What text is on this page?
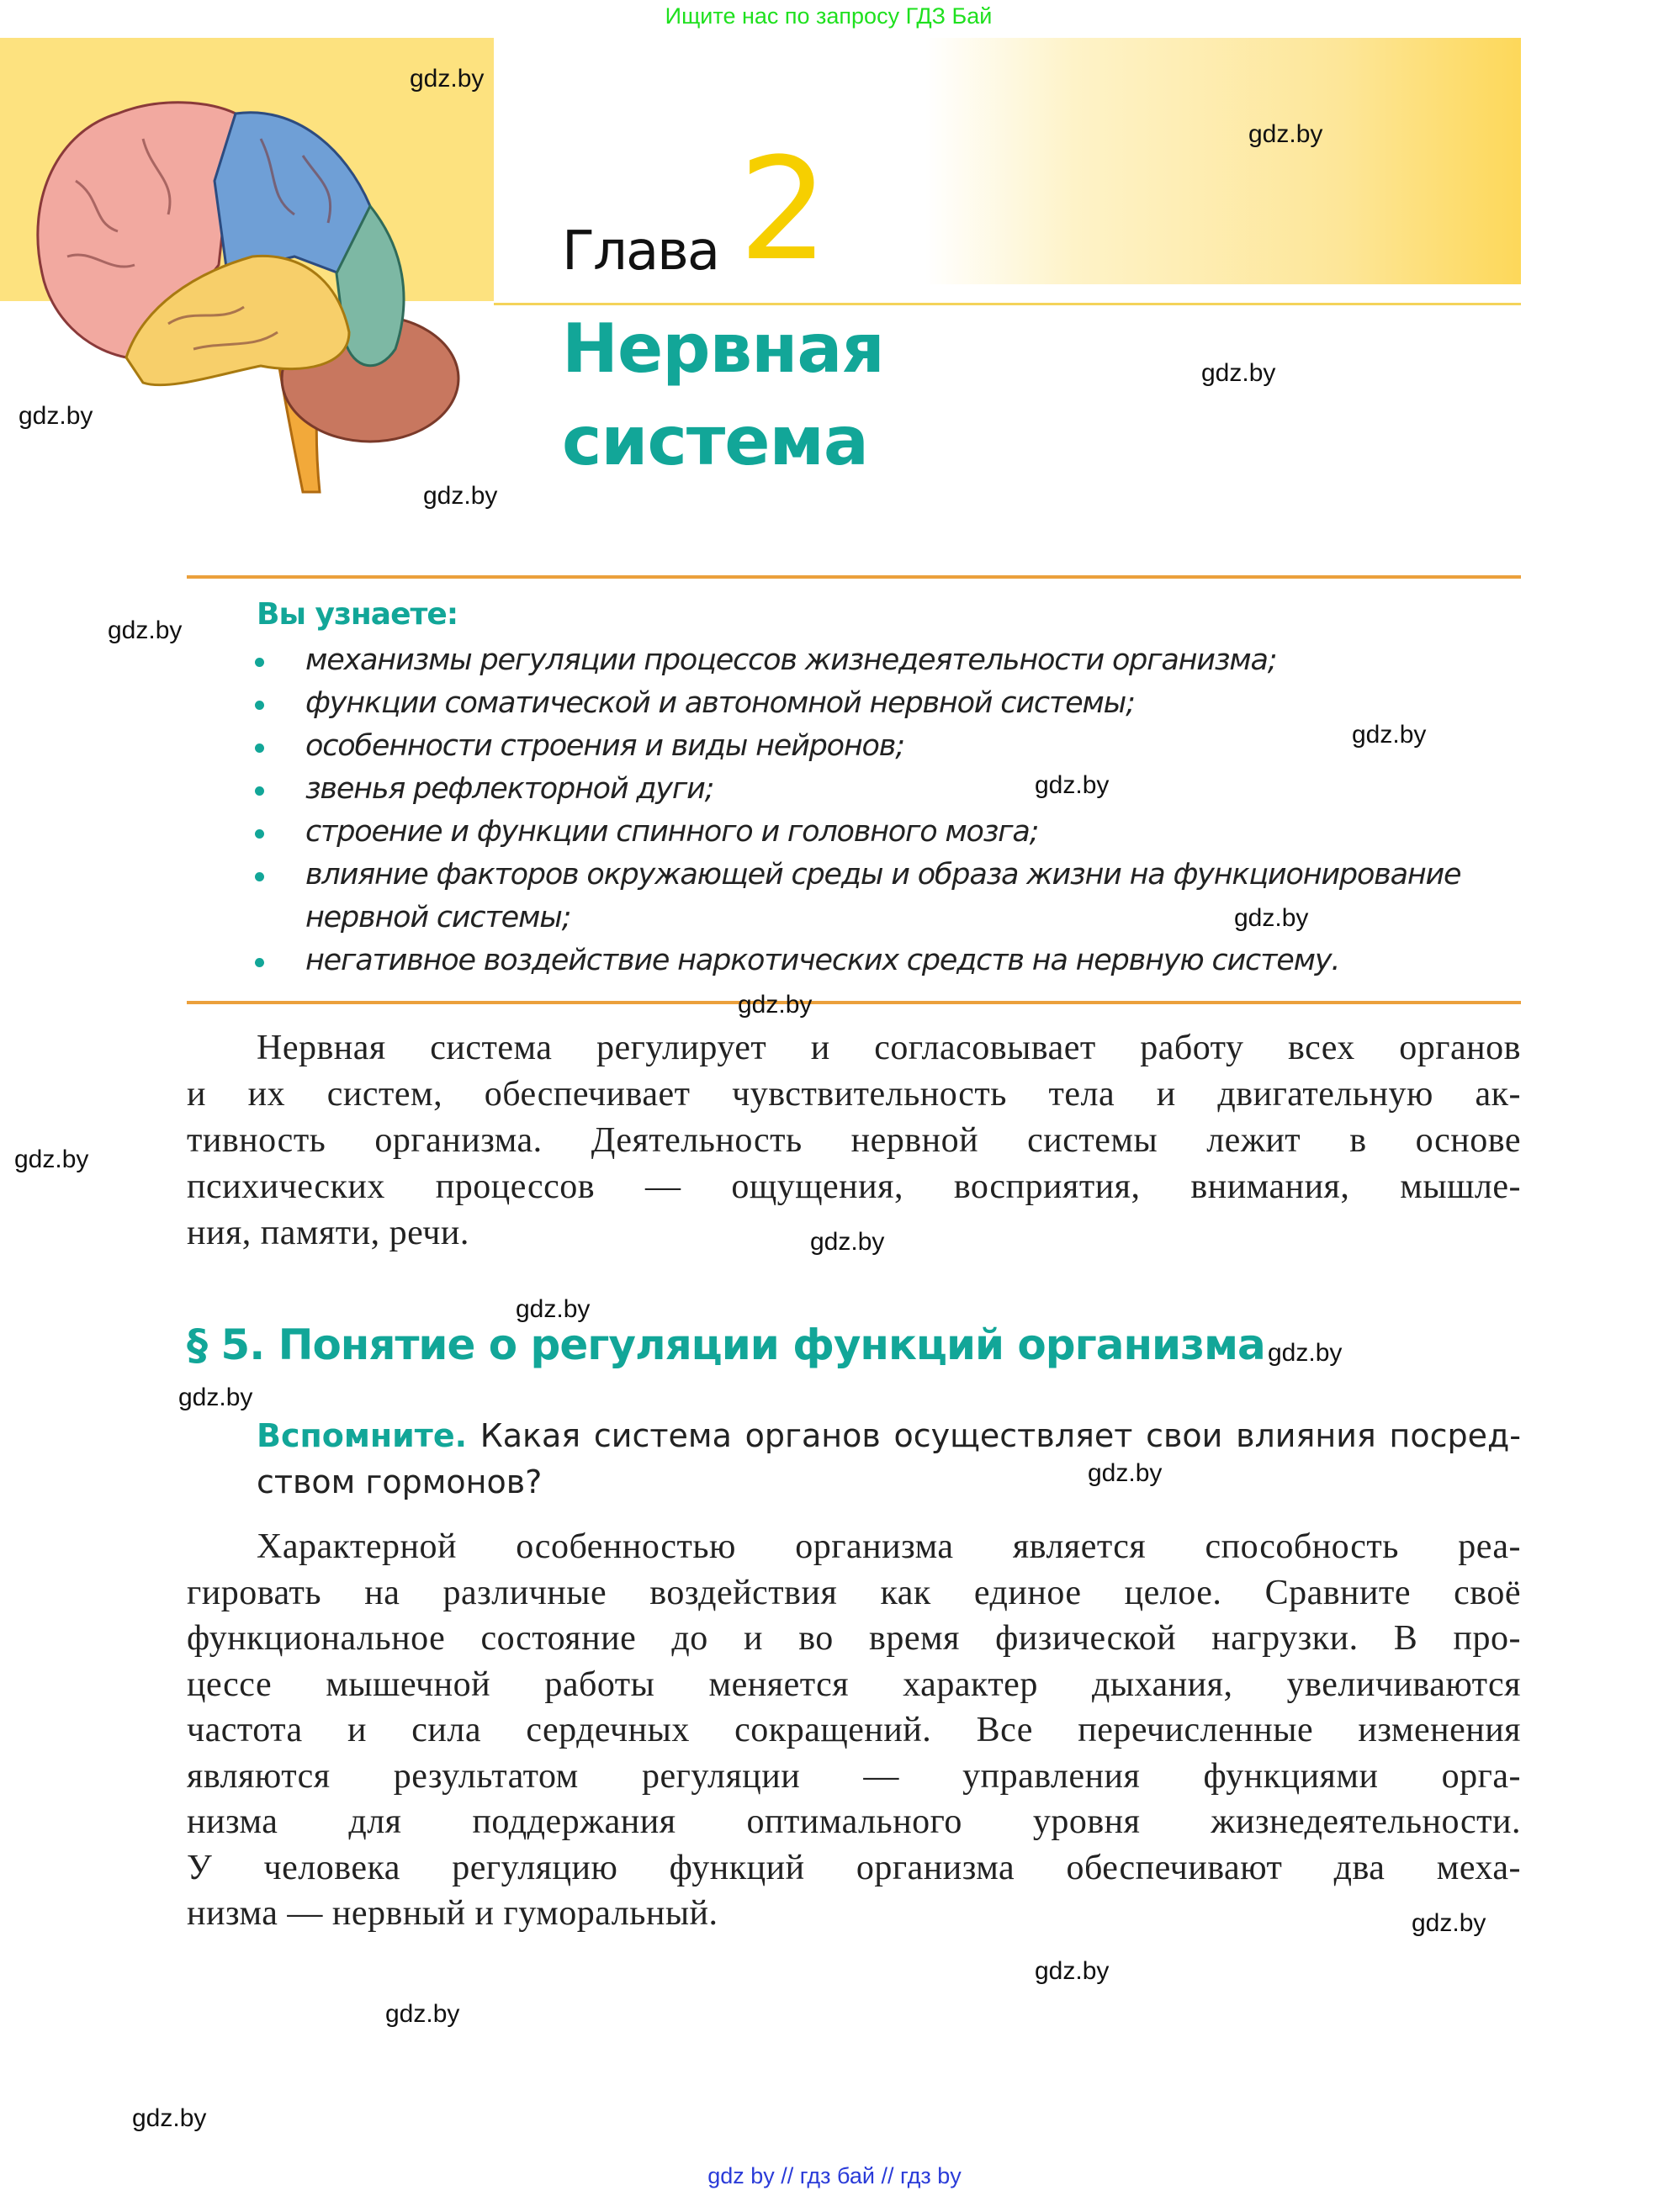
Ищите нас по запросу ГДЗ Бай
Глава 2
Нервная
система
Вы узнаете:
механизмы регуляции процессов жизнедеятельности организма;
функции соматической и автономной нервной системы;
особенности строения и виды нейронов;
звенья рефлекторной дуги;
строение и функции спинного и головного мозга;
влияние факторов окружающей среды и образа жизни на функционирование
нервной системы;
негативное воздействие наркотических средств на нервную систему.
Нервная система регулирует и согласовывает работу всех органов
и их систем, обеспечивает чувствительность тела и двигательную ак-
тивность организма. Деятельность нервной системы лежит в основе
психических процессов — ощущения, восприятия, внимания, мышле-
ния, памяти, речи.
§ 5. Понятие о регуляции функций организма
Вспомните. Какая система органов осуществляет свои влияния посред-
ством гормонов?
Характерной особенностью организма является способность реа-
гировать на различные воздействия как единое целое. Сравните своё
функциональное состояние до и во время физической нагрузки. В про-
цессе мышечной работы меняется характер дыхания, увеличиваются
частота и сила сердечных сокращений. Все перечисленные изменения
являются результатом регуляции — управления функциями орга-
низма для поддержания оптимального уровня жизнедеятельности.
У человека регуляцию функций организма обеспечивают два меха-
низма — нервный и гуморальный.
gdz.by
gdz.by
gdz.by
gdz.by
gdz.by
gdz.by
gdz.by
gdz.by
gdz.by
gdz.by
gdz.by
gdz.by
gdz.by
gdz.by
gdz.by
gdz.by
gdz.by
gdz.by
gdz.by
gdz.by
gdz by // гдз бай // гдз by
